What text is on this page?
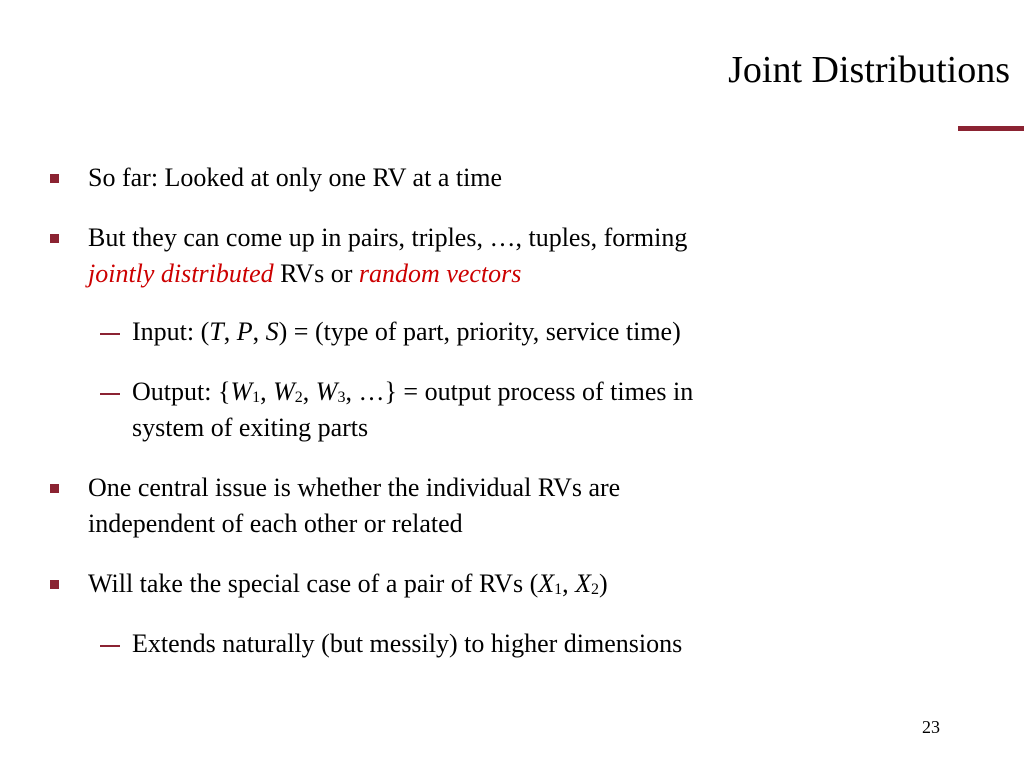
Joint Distributions
So far: Looked at only one RV at a time
But they can come up in pairs, triples, …, tuples, forming
jointly distributed RVs or random vectors
Input: (T, P, S) = (type of part, priority, service time)
Output: {$W_1$, $W_2$, $W_3$, …} = output process of times in
system of exiting parts
One central issue is whether the individual RVs are
independent of each other or related
Will take the special case of a pair of RVs ($X_1$, $X_2$)
Extends naturally (but messily) to higher dimensions
23
